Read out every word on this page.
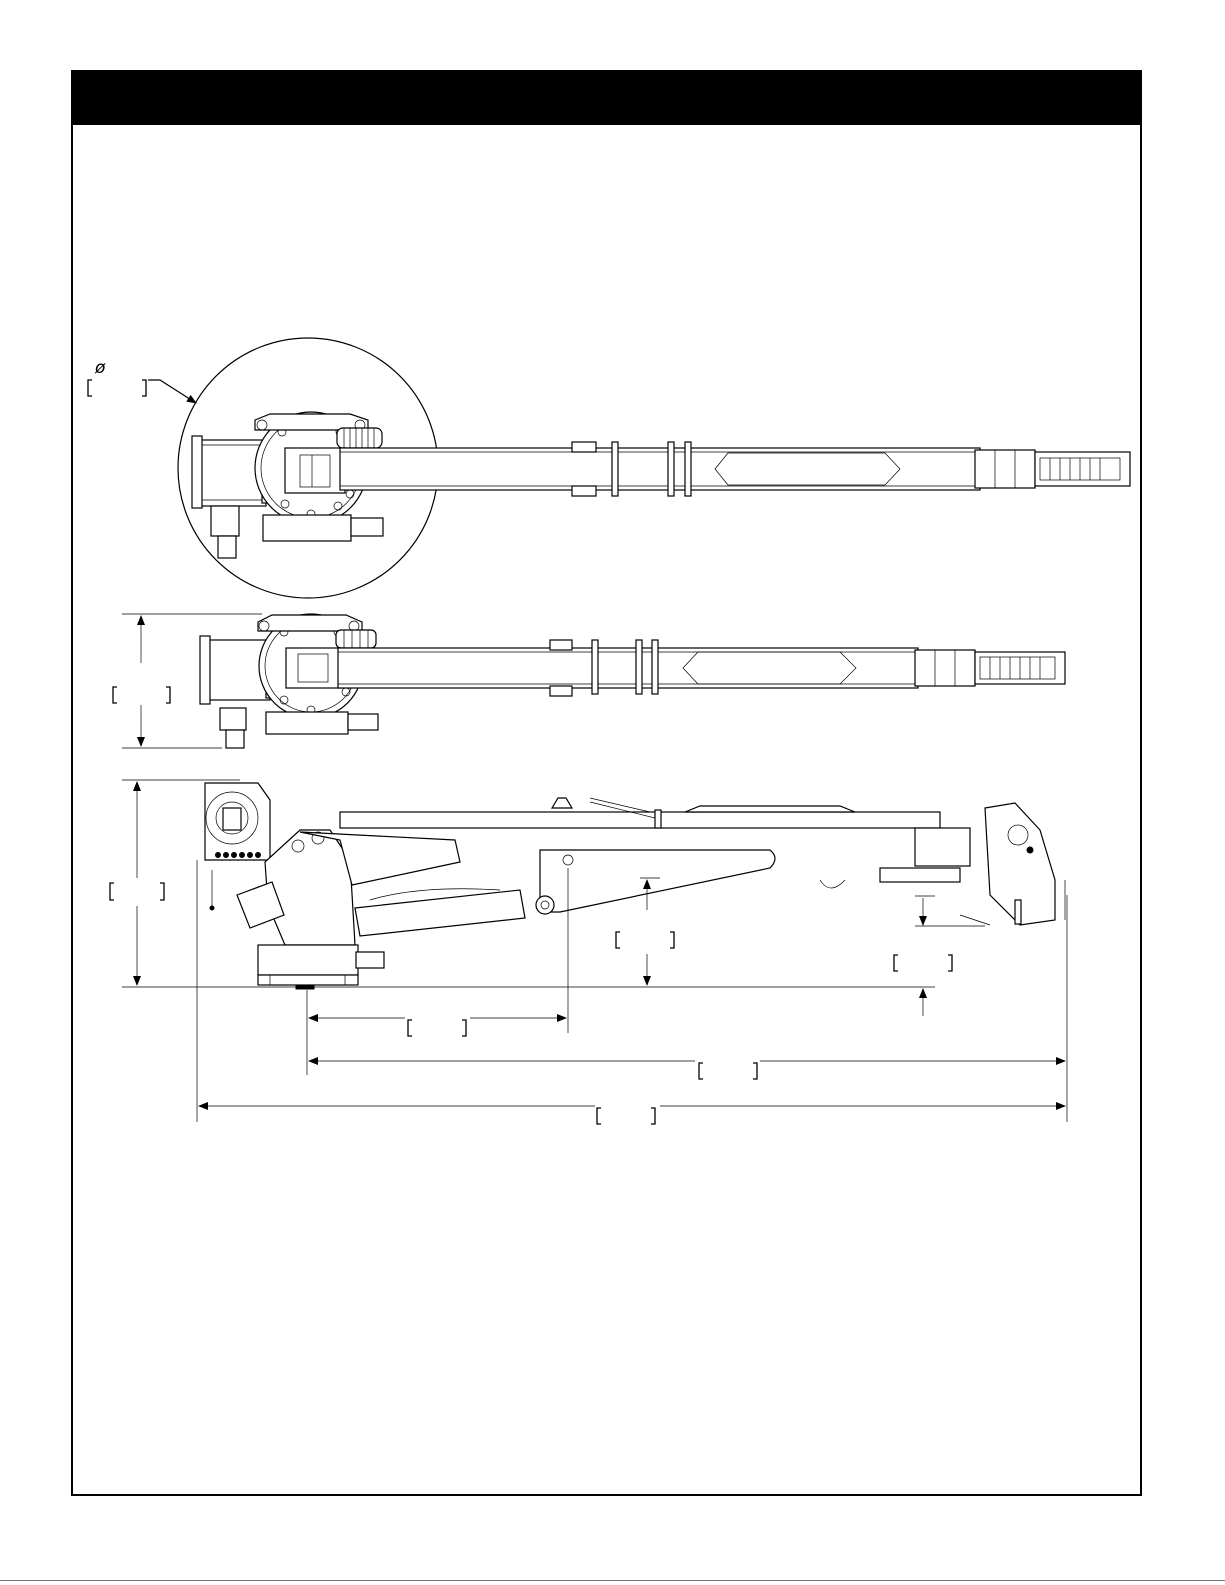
ø
